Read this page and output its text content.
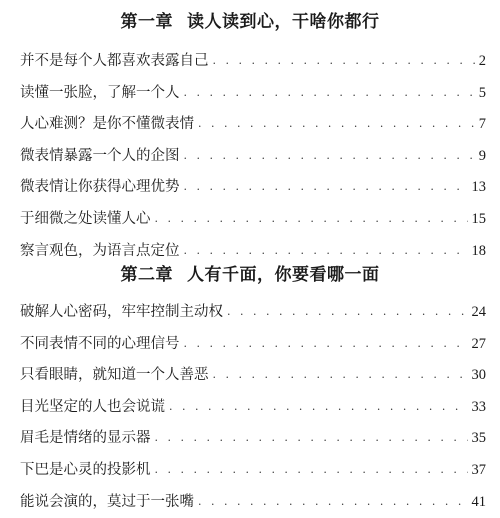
第一章 读人读到心，干啥你都行
并不是每个人都喜欢表露自己 . . .	2
读懂一张脸，了解一个人 . . .	5
人心难测？是你不懂微表情 . . .	7
微表情暴露一个人的企图 . . .	9
微表情让你获得心理优势 . . .	13
于细微之处读懂人心 . . .	15
察言观色，为语言点定位 . . .	18
第二章 人有千面，你要看哪一面
破解人心密码，牢牢控制主动权 . . .	24
不同表情不同的心理信号 . . .	27
只看眼睛，就知道一个人善恶 . . .	30
目光坚定的人也会说谎 . . .	33
眉毛是情绪的显示器 . . .	35
下巴是心灵的投影机 . . .	37
能说会演的，莫过于一张嘴 . . .	41
